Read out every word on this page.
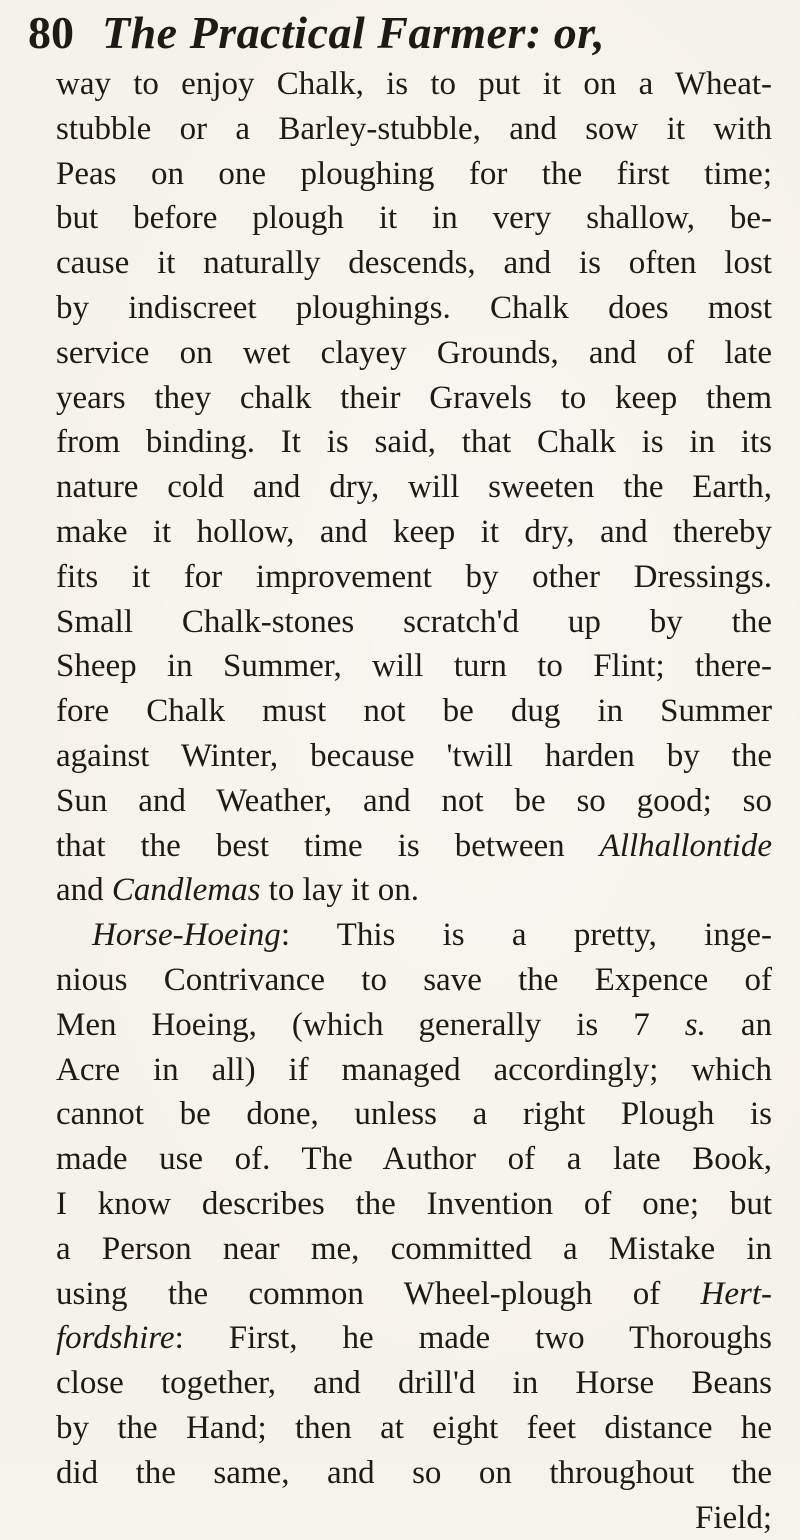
80 The Practical Farmer: or,
way to enjoy Chalk, is to put it on a Wheat-
stubble or a Barley-stubble, and sow it with
Peas on one ploughing for the first time;
but before plough it in very shallow, be-
cause it naturally descends, and is often lost
by indiscreet ploughings. Chalk does most
service on wet clayey Grounds, and of late
years they chalk their Gravels to keep them
from binding. It is said, that Chalk is in its
nature cold and dry, will sweeten the Earth,
make it hollow, and keep it dry, and thereby
fits it for improvement by other Dressings.
Small Chalk-stones scratch'd up by the
Sheep in Summer, will turn to Flint; there-
fore Chalk must not be dug in Summer
against Winter, because 'twill harden by the
Sun and Weather, and not be so good; so
that the best time is between Allhallontide
and Candlemas to lay it on.
Horse-Hoeing: This is a pretty, inge-
nious Contrivance to save the Expence of
Men Hoeing, (which generally is 7 s. an
Acre in all) if managed accordingly; which
cannot be done, unless a right Plough is
made use of. The Author of a late Book,
I know describes the Invention of one; but
a Person near me, committed a Mistake in
using the common Wheel-plough of Hert-
fordshire: First, he made two Thoroughs
close together, and drill'd in Horse Beans
by the Hand; then at eight feet distance he
did the same, and so on throughout the
Field;
